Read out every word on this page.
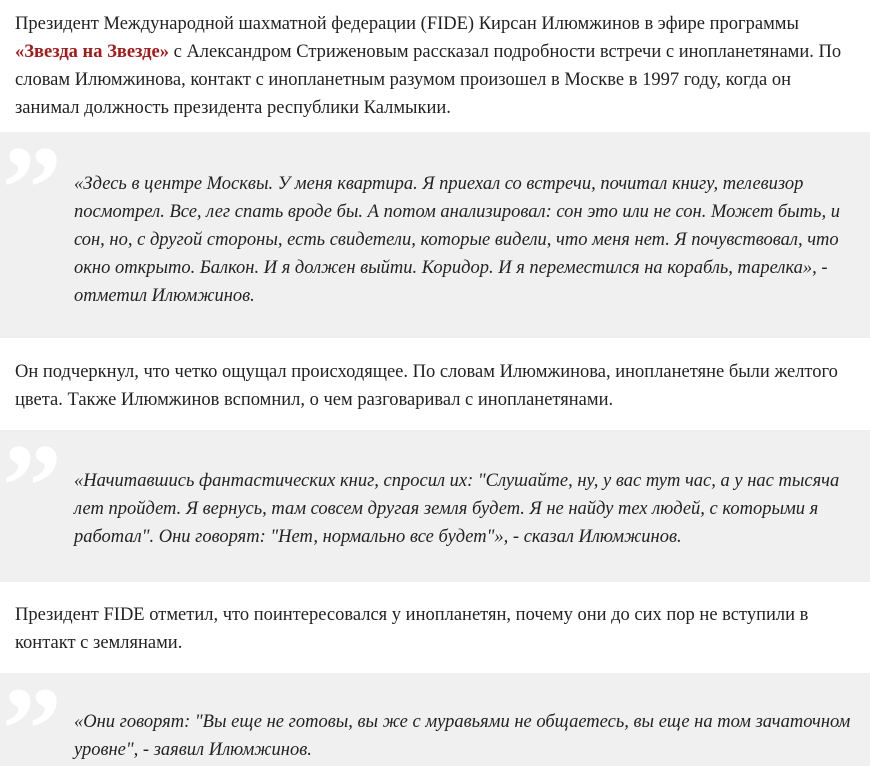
Президент Международной шахматной федерации (FIDE) Кирсан Илюмжинов в эфире программы «Звезда на Звезде» с Александром Стриженовым рассказал подробности встречи с инопланетянами. По словам Илюмжинова, контакт с инопланетным разумом произошел в Москве в 1997 году, когда он занимал должность президента республики Калмыкии.

” «Здесь в центре Москвы. У меня квартира. Я приехал со встречи, почитал книгу, телевизор посмотрел. Все, лег спать вроде бы. А потом анализировал: сон это или не сон. Может быть, и сон, но, с другой стороны, есть свидетели, которые видели, что меня нет. Я почувствовал, что окно открыто. Балкон. И я должен выйти. Коридор. И я переместился на корабль, тарелка», - отметил Илюмжинов.

Он подчеркнул, что четко ощущал происходящее. По словам Илюмжинова, инопланетяне были желтого цвета. Также Илюмжинов вспомнил, о чем разговаривал с инопланетянами.

” «Начитавшись фантастических книг, спросил их: "Слушайте, ну, у вас тут час, а у нас тысяча лет пройдет. Я вернусь, там совсем другая земля будет. Я не найду тех людей, с которыми я работал". Они говорят: "Нет, нормально все будет"», - сказал Илюмжинов.

Президент FIDE отметил, что поинтересовался у инопланетян, почему они до сих пор не вступили в контакт с землянами.

” «Они говорят: "Вы еще не готовы, вы же с муравьями не общаетесь, вы еще на том зачаточном уровне", - заявил Илюмжинов.
